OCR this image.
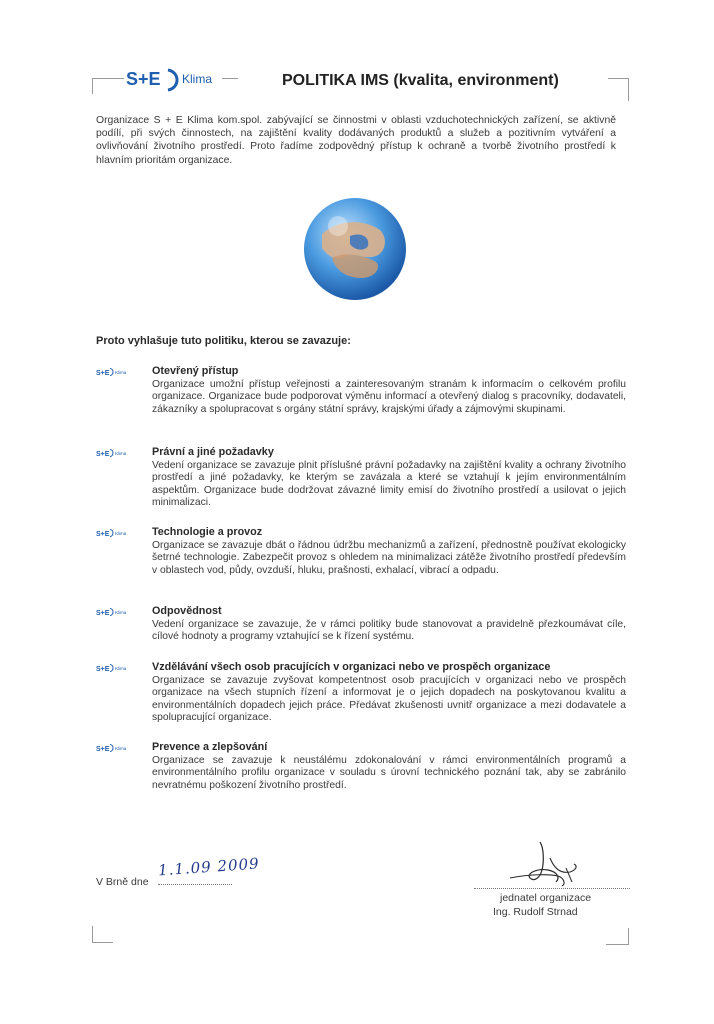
S+E Klima	POLITIKA IMS (kvalita, environment)
Organizace S + E Klima kom.spol. zabývající se činnostmi v oblasti vzduchotechnických zařízení, se aktivně podílí, při svých činnostech, na zajištění kvality dodávaných produktů a služeb a pozitivním vytváření a ovlivňování životního prostředí. Proto řadíme zodpovědný přístup k ochraně a tvorbě životního prostředí k hlavním prioritám organizace.
Proto vyhlašuje tuto politiku, kterou se zavazuje:
S+E Klima Otevřený přístup
Organizace umožní přístup veřejnosti a zainteresovaným stranám k informacím o celkovém profilu organizace. Organizace bude podporovat výměnu informací a otevřený dialog s pracovníky, dodavateli, zákazníky a spolupracovat s orgány státní správy, krajskými úřady a zájmovými skupinami.
S+E Klima Právní a jiné požadavky
Vedení organizace se zavazuje plnit příslušné právní požadavky na zajištění kvality a ochrany životního prostředí a jiné požadavky, ke kterým se zavázala a které se vztahují k jejím environmentálním aspektům. Organizace bude dodržovat závazné limity emisí do životního prostředí a usilovat o jejich minimalizaci.
S+E Klima Technologie a provoz
Organizace se zavazuje dbát o řádnou údržbu mechanizmů a zařízení, přednostně používat ekologicky šetrné technologie. Zabezpečit provoz s ohledem na minimalizaci zátěže životního prostředí především v oblastech vod, půdy, ovzduší, hluku, prašnosti, exhalací, vibrací a odpadu.
S+E Klima Odpovědnost
Vedení organizace se zavazuje, že v rámci politiky bude stanovovat a pravidelně přezkoumávat cíle, cílové hodnoty a programy vztahující se k řízení systému.
S+E Klima Vzdělávání všech osob pracujících v organizaci nebo ve prospěch organizace
Organizace se zavazuje zvyšovat kompetentnost osob pracujících v organizaci nebo ve prospěch organizace na všech stupních řízení a informovat je o jejich dopadech na poskytovanou kvalitu a environmentálních dopadech jejich práce. Předávat zkušenosti uvnitř organizace a mezi dodavatele a spolupracující organizace.
S+E Klima Prevence a zlepšování
Organizace se zavazuje k neustálému zdokonalování v rámci environmentálních programů a environmentálního profilu organizace v souladu s úrovní technického poznání tak, aby se zabránilo nevratnému poškození životního prostředí.
V Brně dne
1.1.09 2009
jednatel organizace
Ing. Rudolf Strnad
